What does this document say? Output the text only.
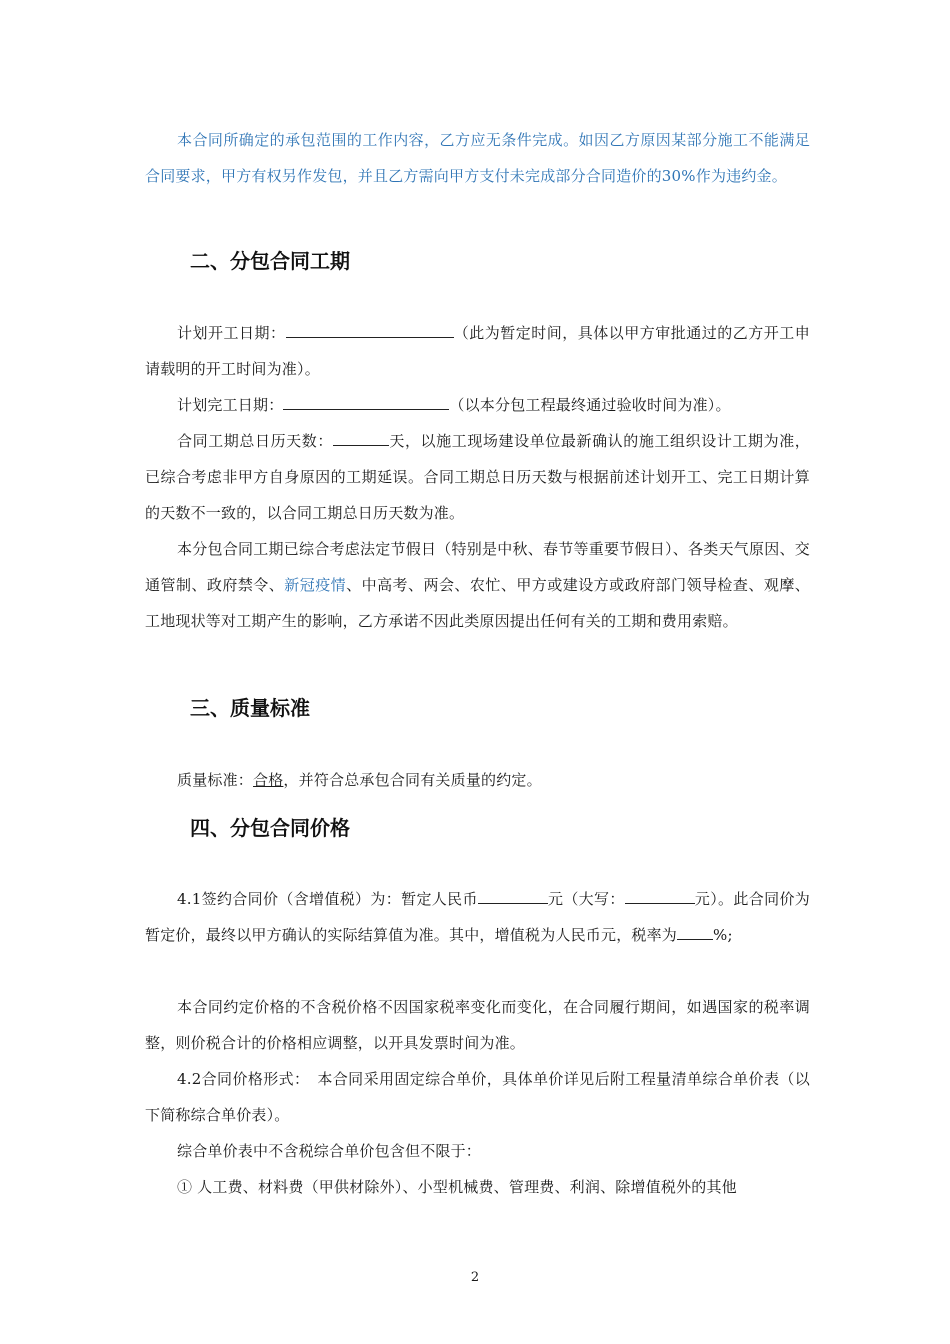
本合同所确定的承包范围的工作内容，乙方应无条件完成。如因乙方原因某部分施工不能满足合同要求，甲方有权另作发包，并且乙方需向甲方支付未完成部分合同造价的30%作为违约金。

二、分包合同工期

计划开工日期：	（此为暂定时间，具体以甲方审批通过的乙方开工申请载明的开工时间为准）。

计划完工日期：	（以本分包工程最终通过验收时间为准）。

合同工期总日历天数：	天，以施工现场建设单位最新确认的施工组织设计工期为准，已综合考虑非甲方自身原因的工期延误。合同工期总日历天数与根据前述计划开工、完工日期计算的天数不一致的，以合同工期总日历天数为准。

本分包合同工期已综合考虑法定节假日（特别是中秋、春节等重要节假日）、各类天气原因、交通管制、政府禁令、新冠疫情、中高考、两会、农忙、甲方或建设方或政府部门领导检查、观摩、工地现状等对工期产生的影响，乙方承诺不因此类原因提出任何有关的工期和费用索赔。

三、质量标准

质量标准：合格，并符合总承包合同有关质量的约定。

四、分包合同价格

4.1签约合同价（含增值税）为：暂定人民币	元（大写：	元）。此合同价为暂定价，最终以甲方确认的实际结算值为准。其中，增值税为人民币元，税率为 %;

本合同约定价格的不含税价格不因国家税率变化而变化，在合同履行期间，如遇国家的税率调整，则价税合计的价格相应调整，以开具发票时间为准。

4.2合同价格形式：　本合同采用固定综合单价，具体单价详见后附工程量清单综合单价表（以下简称综合单价表）。

综合单价表中不含税综合单价包含但不限于：

① 人工费、材料费（甲供材除外）、小型机械费、管理费、利润、除增值税外的其他

2
